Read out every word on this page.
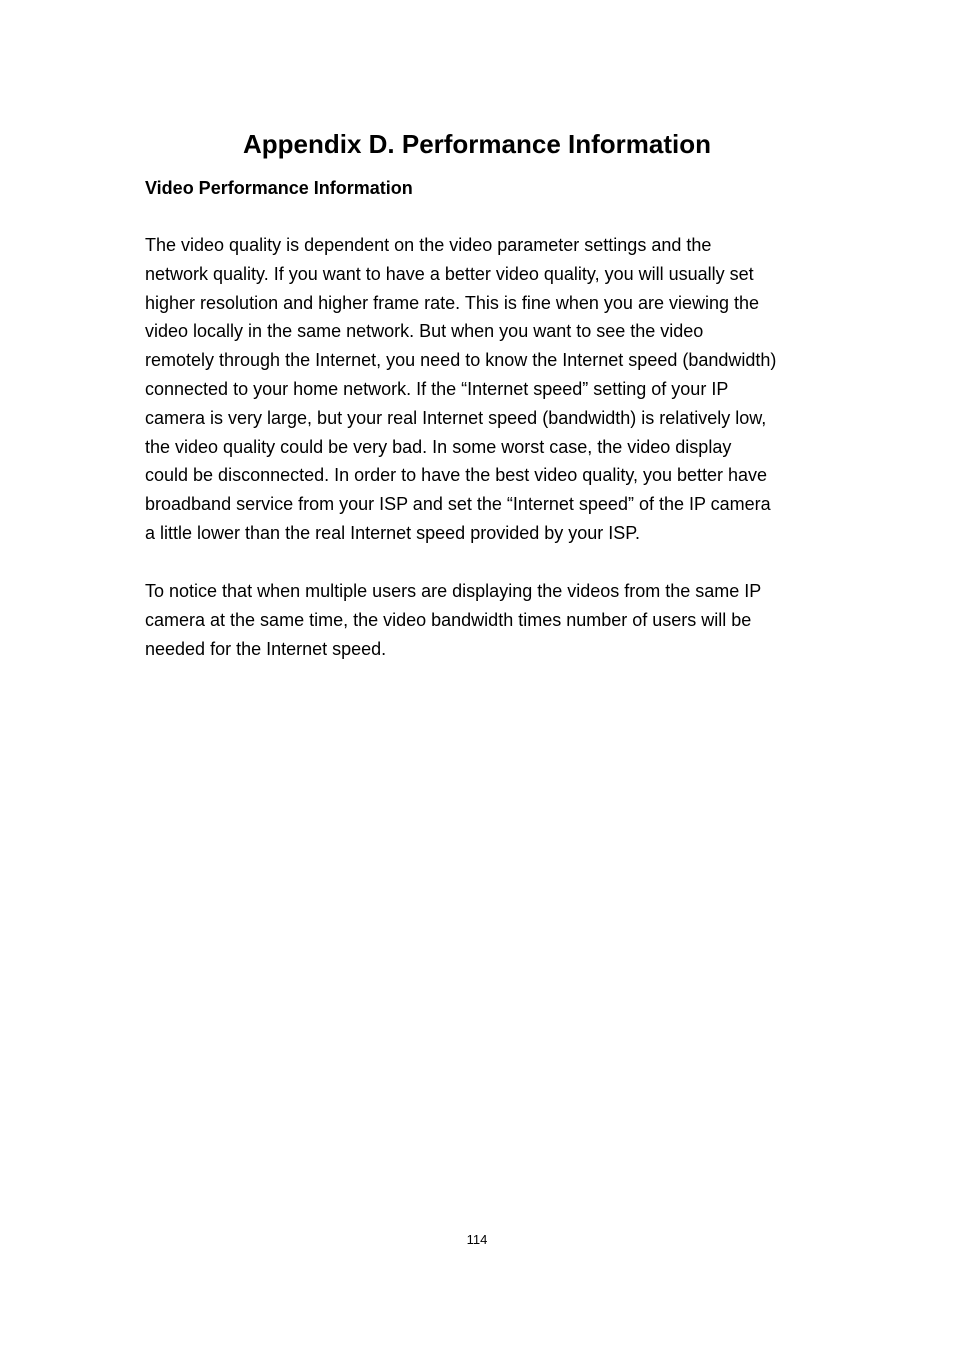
Appendix D. Performance Information
Video Performance Information

The video quality is dependent on the video parameter settings and the
network quality. If you want to have a better video quality, you will usually set
higher resolution and higher frame rate. This is fine when you are viewing the
video locally in the same network. But when you want to see the video
remotely through the Internet, you need to know the Internet speed (bandwidth)
connected to your home network. If the “Internet speed” setting of your IP
camera is very large, but your real Internet speed (bandwidth) is relatively low,
the video quality could be very bad. In some worst case, the video display
could be disconnected. In order to have the best video quality, you better have
broadband service from your ISP and set the “Internet speed” of the IP camera
a little lower than the real Internet speed provided by your ISP.

To notice that when multiple users are displaying the videos from the same IP
camera at the same time, the video bandwidth times number of users will be
needed for the Internet speed.

114
